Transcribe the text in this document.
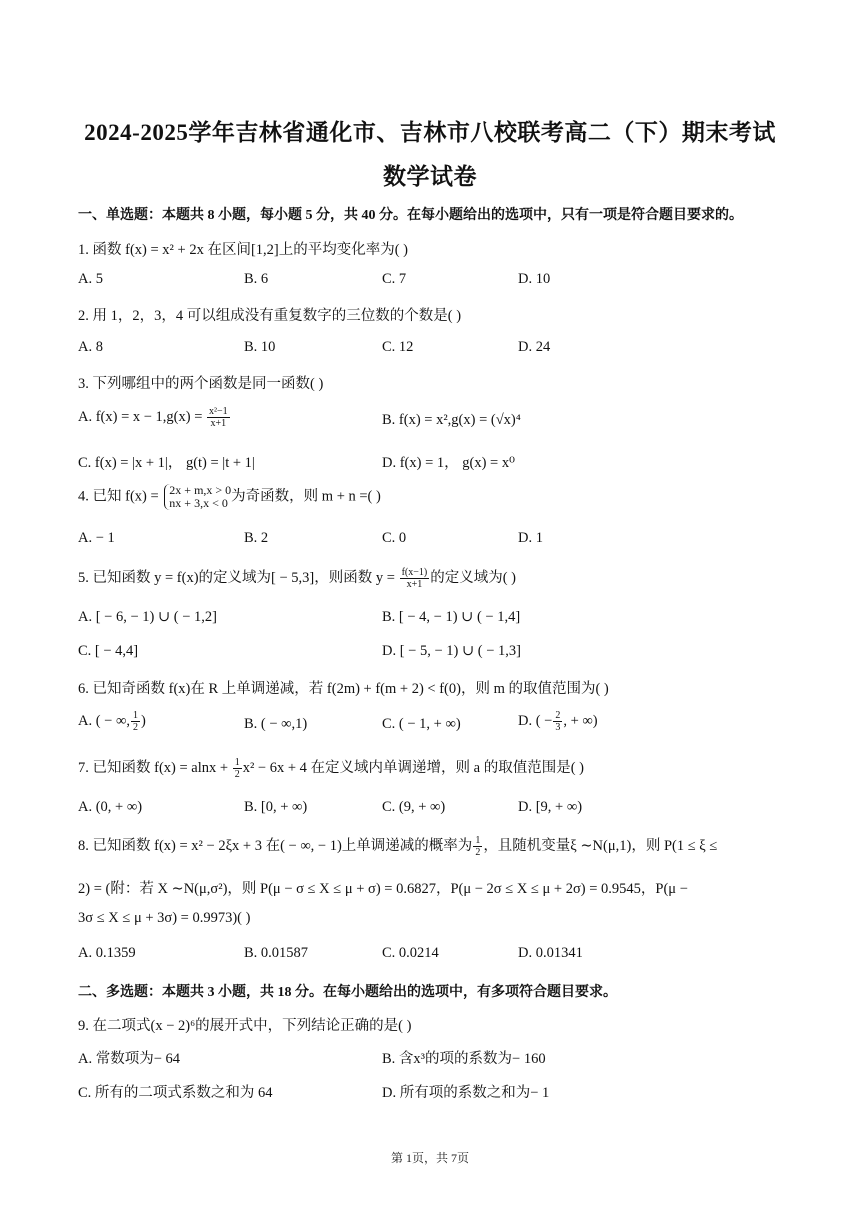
2024-2025学年吉林省通化市、吉林市八校联考高二（下）期末考试
数学试卷
一、单选题：本题共 8 小题，每小题 5 分，共 40 分。在每小题给出的选项中，只有一项是符合题目要求的。
1. 函数 f(x) = x² + 2x 在区间[1,2]上的平均变化率为( )
A. 5	B. 6	C. 7	D. 10
2. 用 1，2，3，4 可以组成没有重复数字的三位数的个数是( )
A. 8	B. 10	C. 12	D. 24
3. 下列哪组中的两个函数是同一函数( )
A. $f(x) = x - 1,g(x) = \frac{\text{x²−1}}{x+1}$	B. f(x) = x²,g(x) = (√x)⁴
C. f(x) = |x + 1|， g(t) = |t + 1|	D. f(x) = 1， g(x) = x⁰
4. 已知 f(x) = 2x + m,x > 0
nx + 3,x < 0 为奇函数，则 m + n =( )
A. − 1	B. 2	C. 0	D. 1
5. 已知函数 y = f(x)的定义域为[ − 5,3]，则函数 $y = \frac{f(x-1)}{x+1}$ 的定义域为( )
A. [ − 6, − 1) ∪ ( − 1,2]	B. [ − 4, − 1) ∪ ( − 1,4]
C. [ − 4,4]	D. [ − 5, − 1) ∪ ( − 1,3]
6. 已知奇函数 f(x)在 R 上单调递减，若 f(2m) + f(m + 2) < f(0)，则 m 的取值范围为( )
A. ( − ∞, $\frac{1}{2}$ )	B. ( − ∞,1)	C. ( − 1, + ∞)	D. ( − $\frac{2}{3}$ , + ∞)
7. 已知函数 $f(x) = alnx + \frac{1}{2} x^2 - 6x + 4$ 在定义域内单调递增，则 a 的取值范围是( )
A. (0, + ∞)	B. [0, + ∞)	C. (9, + ∞)	D. [9, + ∞)
8. 已知函数 f(x) = x² − 2ξx + 3 在( − ∞, − 1)上单调递减的概率为 $\frac{1}{2}$ ，且随机变量ξ ∼N(μ,1)，则 P(1 ≤ ξ ≤
2) = (附：若 X ∼N(μ,σ²)，则 P(μ − σ ≤ X ≤ μ + σ) = 0.6827，P(μ − 2σ ≤ X ≤ μ + 2σ) = 0.9545，P(μ −
3σ ≤ X ≤ μ + 3σ) = 0.9973)( )
A. 0.1359	B. 0.01587	C. 0.0214	D. 0.01341
二、多选题：本题共 3 小题，共 18 分。在每小题给出的选项中，有多项符合题目要求。
9. 在二项式(x − 2)⁶的展开式中，下列结论正确的是( )
A. 常数项为− 64	B. 含x³的项的系数为− 160
C. 所有的二项式系数之和为 64	D. 所有项的系数之和为− 1
第 1页，共 7页
